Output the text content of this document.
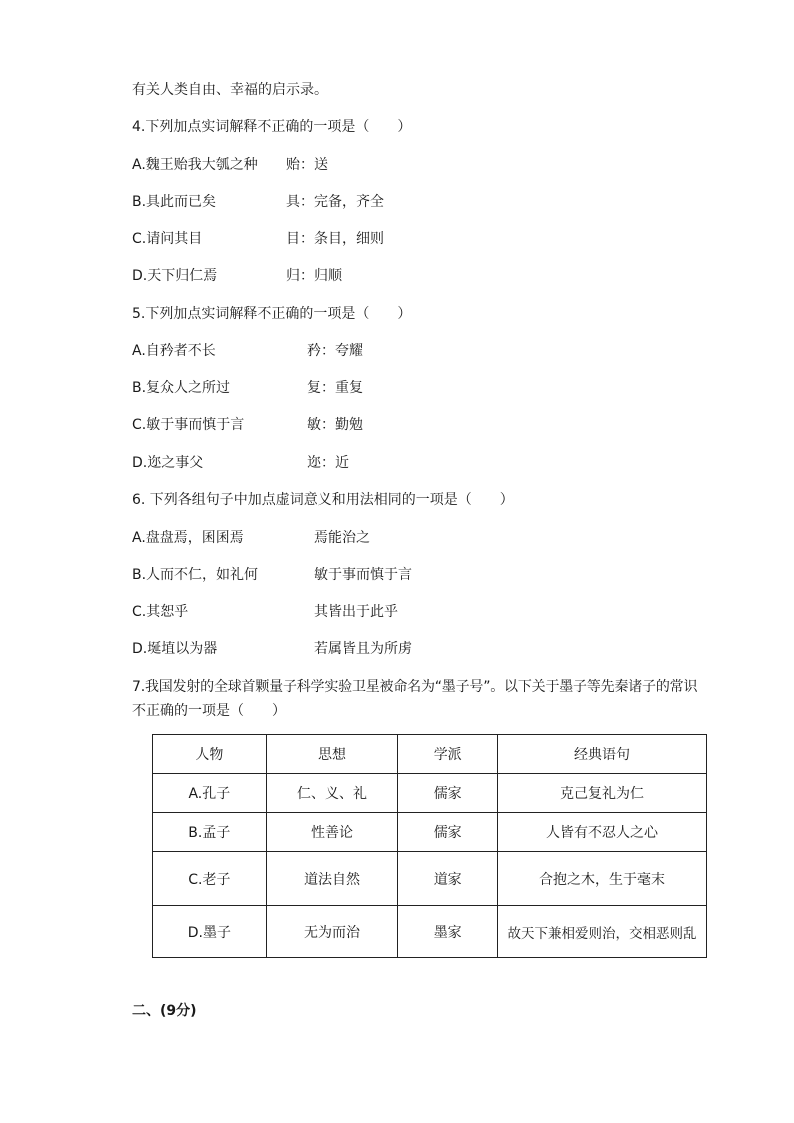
有关人类自由、幸福的启示录。
4.下列加点实词解释不正确的一项是（　　）
A.魏王贻我大瓠之种 贻：送
B.具此而已矣	具：完备，齐全
C.请问其目	目：条目，细则
D.天下归仁焉	归：归顺
5.下列加点实词解释不正确的一项是（　　）
A.自矜者不长	矜：夸耀
B.复众人之所过	复：重复
C.敏于事而慎于言	敏：勤勉
D.迩之事父	迩：近
6. 下列各组句子中加点虚词意义和用法相同的一项是（　　）
A.盘盘焉，囷囷焉	焉能治之
B.人而不仁，如礼何	敏于事而慎于言
C.其恕乎	其皆出于此乎
D.埏埴以为器	若属皆且为所虏
7.我国发射的全球首颗量子科学实验卫星被命名为“墨子号”。以下关于墨子等先秦诸子的常识
不正确的一项是（　　）
人物	思想	学派	经典语句
A.孔子	仁、义、礼	儒家	克己复礼为仁
B.孟子	性善论	儒家	人皆有不忍人之心
C.老子	道法自然	道家	合抱之木，生于毫末
D.墨子	无为而治	墨家	故天下兼相爱则治，交相恶则乱
二、(9分)
